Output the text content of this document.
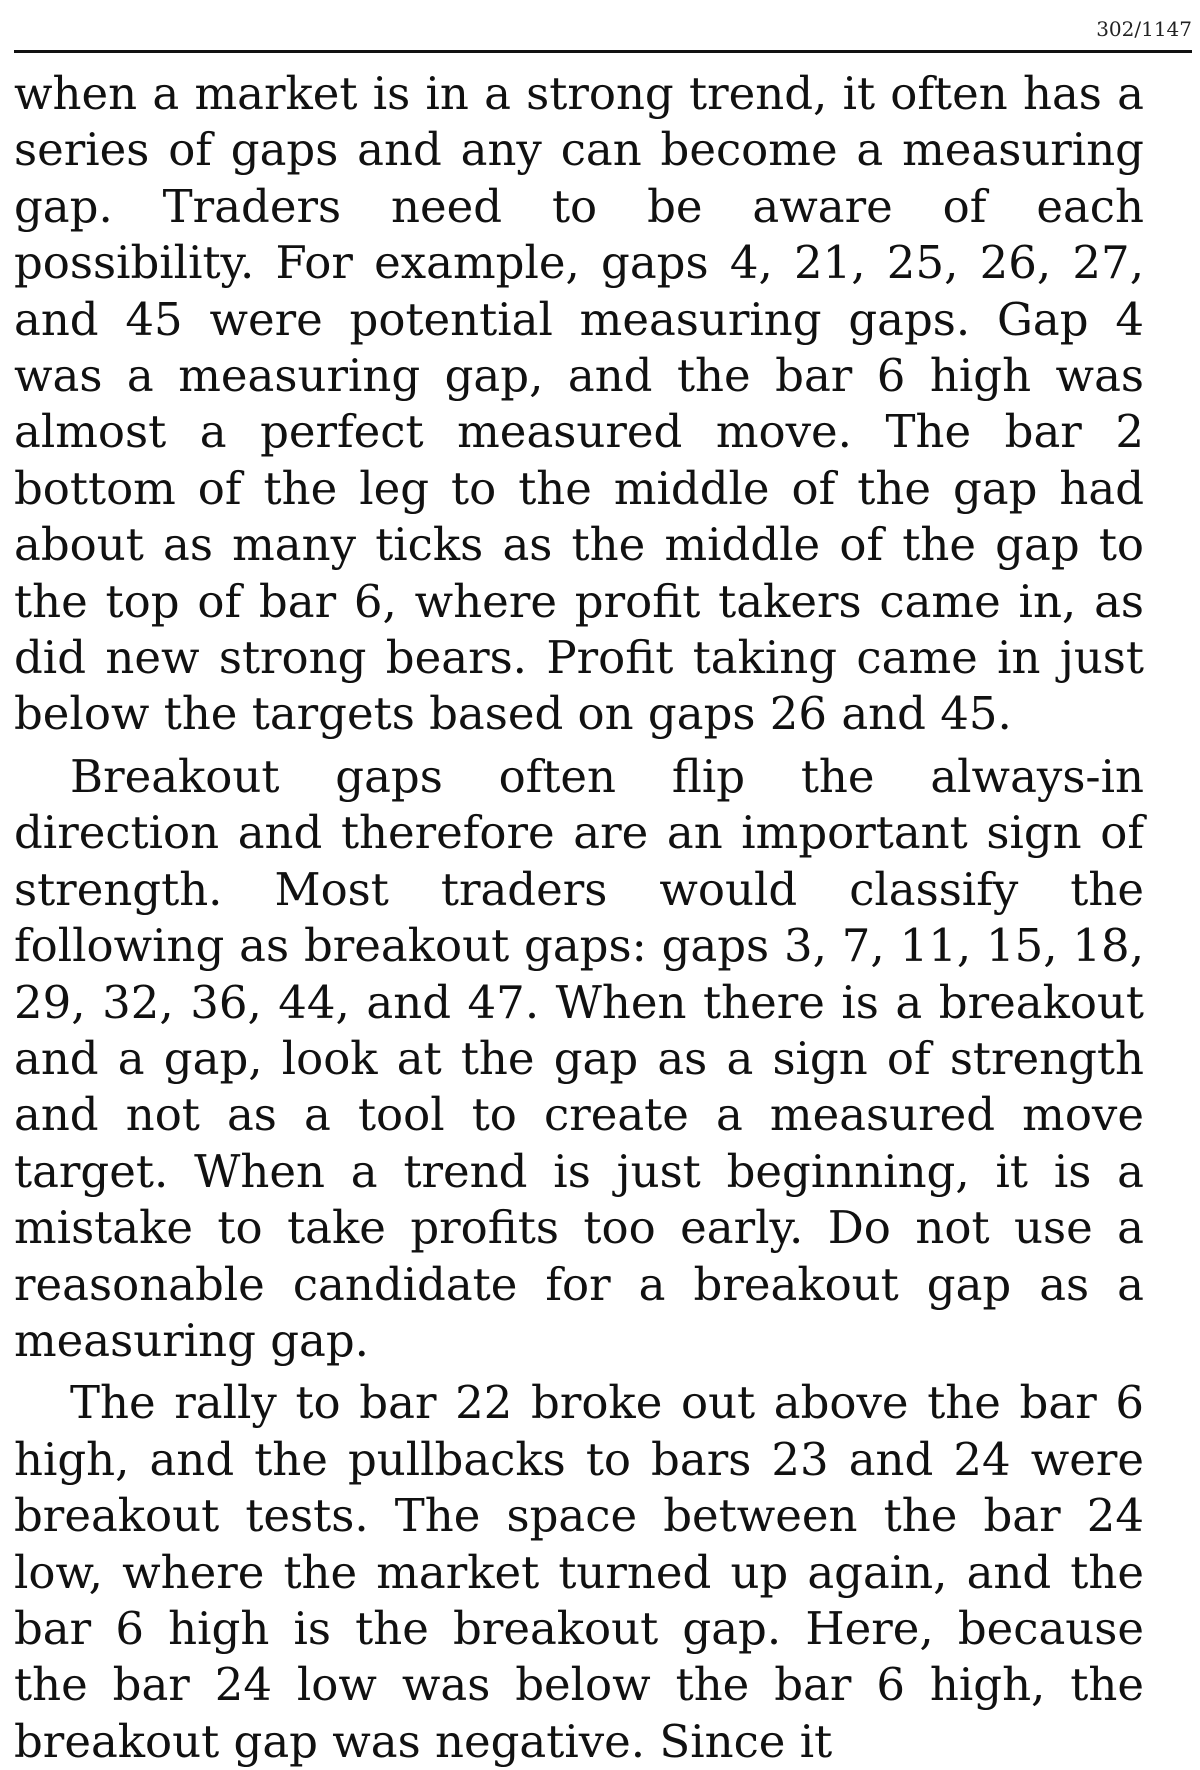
302/1147

when a market is in a strong trend, it often has a series of gaps and any can become a measuring gap. Traders need to be aware of each possibility. For example, gaps 4, 21, 25, 26, 27, and 45 were potential measuring gaps. Gap 4 was a measuring gap, and the bar 6 high was almost a perfect measured move. The bar 2 bottom of the leg to the middle of the gap had about as many ticks as the middle of the gap to the top of bar 6, where profit takers came in, as did new strong bears. Profit taking came in just below the targets based on gaps 26 and 45.

Breakout gaps often flip the always-in direction and therefore are an important sign of strength. Most traders would classify the following as breakout gaps: gaps 3, 7, 11, 15, 18, 29, 32, 36, 44, and 47. When there is a breakout and a gap, look at the gap as a sign of strength and not as a tool to create a measured move target. When a trend is just beginning, it is a mistake to take profits too early. Do not use a reasonable candidate for a breakout gap as a measuring gap.

The rally to bar 22 broke out above the bar 6 high, and the pullbacks to bars 23 and 24 were breakout tests. The space between the bar 24 low, where the market turned up again, and the bar 6 high is the breakout gap. Here, because the bar 24 low was below the bar 6 high, the breakout gap was negative. Since it
